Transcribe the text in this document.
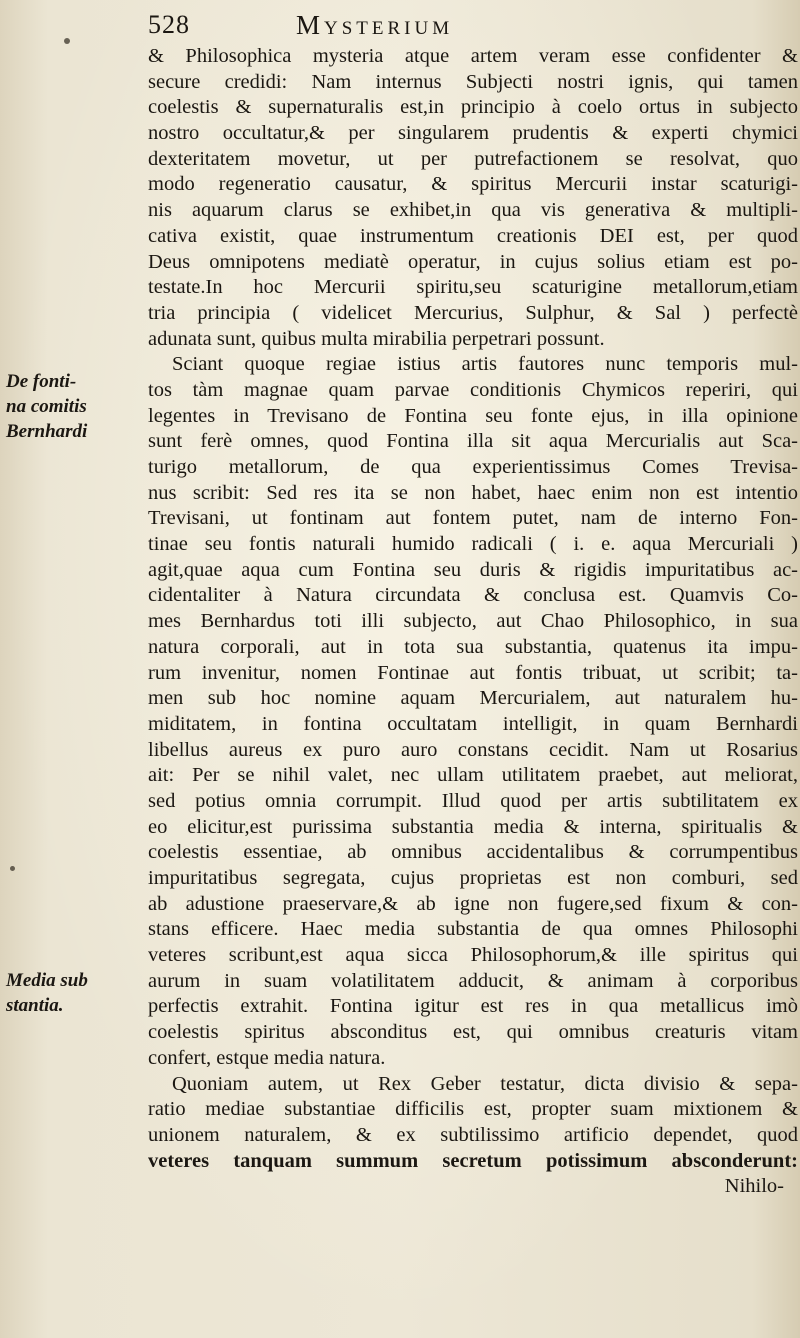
528	Mysterium
De fonti-
na comitis
Bernhardi
Media sub
stantia.
& Philosophica mysteria atque artem veram esse confidenter &
secure credidi: Nam internus Subjecti nostri ignis, qui tamen
coelestis & supernaturalis est,in principio à coelo ortus in subjecto
nostro occultatur,& per singularem prudentis & experti chymici
dexteritatem movetur, ut per putrefactionem se resolvat, quo
modo regeneratio causatur, & spiritus Mercurii instar scaturigi-
nis aquarum clarus se exhibet,in qua vis generativa & multipli-
cativa existit, quae instrumentum creationis DEI est, per quod
Deus omnipotens mediatè operatur, in cujus solius etiam est po-
testate.In hoc Mercurii spiritu,seu scaturigine metallorum,etiam
tria principia ( videlicet Mercurius, Sulphur, & Sal ) perfectè
adunata sunt, quibus multa mirabilia perpetrari possunt.
Sciant quoque regiae istius artis fautores nunc temporis mul-
tos tàm magnae quam parvae conditionis Chymicos reperiri, qui
legentes in Trevisano de Fontina seu fonte ejus, in illa opinione
sunt ferè omnes, quod Fontina illa sit aqua Mercurialis aut Sca-
turigo metallorum, de qua experientissimus Comes Trevisa-
nus scribit: Sed res ita se non habet, haec enim non est intentio
Trevisani, ut fontinam aut fontem putet, nam de interno Fon-
tinae seu fontis naturali humido radicali ( i. e. aqua Mercuriali )
agit,quae aqua cum Fontina seu duris & rigidis impuritatibus ac-
cidentaliter à Natura circundata & conclusa est. Quamvis Co-
mes Bernhardus toti illi subjecto, aut Chao Philosophico, in sua
natura corporali, aut in tota sua substantia, quatenus ita impu-
rum invenitur, nomen Fontinae aut fontis tribuat, ut scribit; ta-
men sub hoc nomine aquam Mercurialem, aut naturalem hu-
miditatem, in fontina occultatam intelligit, in quam Bernhardi
libellus aureus ex puro auro constans cecidit. Nam ut Rosarius
ait: Per se nihil valet, nec ullam utilitatem praebet, aut meliorat,
sed potius omnia corrumpit. Illud quod per artis subtilitatem ex
eo elicitur,est purissima substantia media & interna, spiritualis &
coelestis essentiae, ab omnibus accidentalibus & corrumpentibus
impuritatibus segregata, cujus proprietas est non comburi, sed
ab adustione praeservare,& ab igne non fugere,sed fixum & con-
stans efficere. Haec media substantia de qua omnes Philosophi
veteres scribunt,est aqua sicca Philosophorum,& ille spiritus qui
aurum in suam volatilitatem adducit, & animam à corporibus
perfectis extrahit. Fontina igitur est res in qua metallicus imò
coelestis spiritus absconditus est, qui omnibus creaturis vitam
confert, estque media natura.
Quoniam autem, ut Rex Geber testatur, dicta divisio & sepa-
ratio mediae substantiae difficilis est, propter suam mixtionem &
unionem naturalem, & ex subtilissimo artificio dependet, quod
veteres tanquam summum secretum potissimum absconderunt:
Nihilo-
